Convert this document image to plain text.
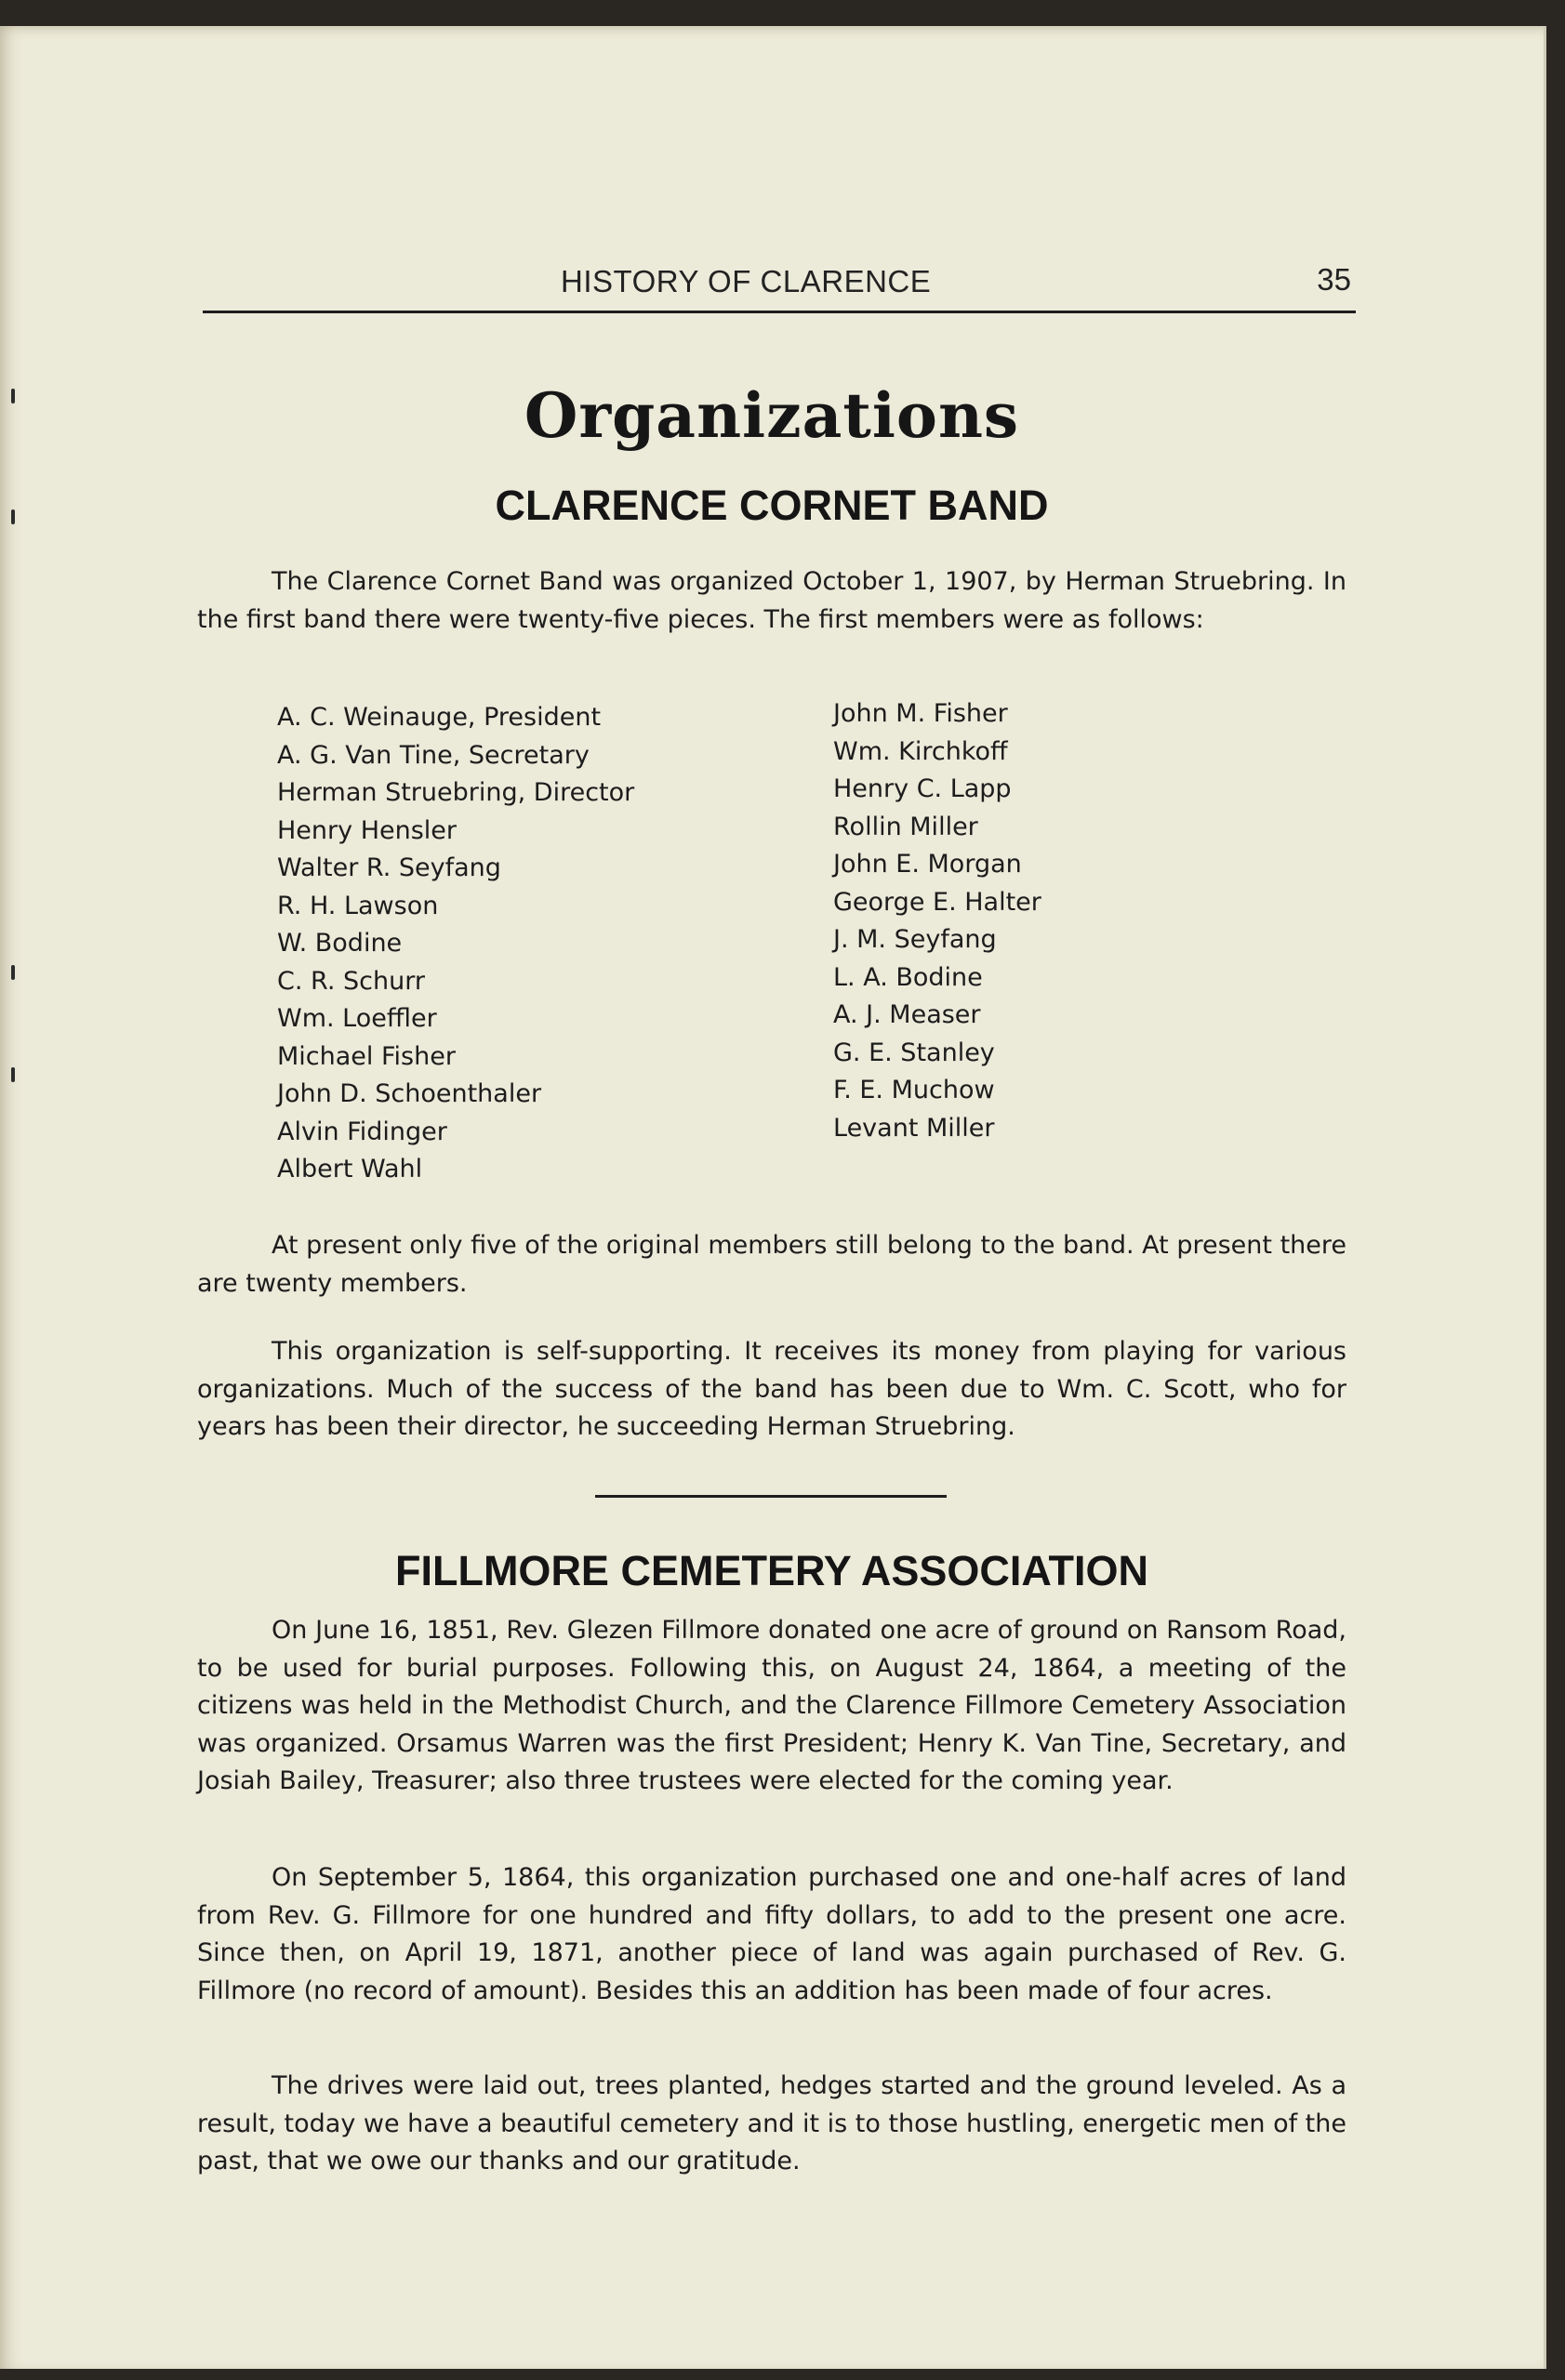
HISTORY OF CLARENCE	35
Organizations
CLARENCE CORNET BAND

The Clarence Cornet Band was organized October 1, 1907, by Herman Struebring. In the first band there were twenty-five pieces. The first members were as follows:

A. C. Weinauge, President
A. G. Van Tine, Secretary
Herman Struebring, Director
Henry Hensler
Walter R. Seyfang
R. H. Lawson
W. Bodine
C. R. Schurr
Wm. Loeffler
Michael Fisher
John D. Schoenthaler
Alvin Fidinger
Albert Wahl
John M. Fisher
Wm. Kirchkoff
Henry C. Lapp
Rollin Miller
John E. Morgan
George E. Halter
J. M. Seyfang
L. A. Bodine
A. J. Measer
G. E. Stanley
F. E. Muchow
Levant Miller

At present only five of the original members still belong to the band. At present there are twenty members.

This organization is self-supporting. It receives its money from playing for various organizations. Much of the success of the band has been due to Wm. C. Scott, who for years has been their director, he succeeding Herman Struebring.

FILLMORE CEMETERY ASSOCIATION

On June 16, 1851, Rev. Glezen Fillmore donated one acre of ground on Ransom Road, to be used for burial purposes. Following this, on August 24, 1864, a meeting of the citizens was held in the Methodist Church, and the Clarence Fillmore Cemetery Association was organized. Orsamus Warren was the first President; Henry K. Van Tine, Secretary, and Josiah Bailey, Treasurer; also three trustees were elected for the coming year.

On September 5, 1864, this organization purchased one and one-half acres of land from Rev. G. Fillmore for one hundred and fifty dollars, to add to the present one acre. Since then, on April 19, 1871, another piece of land was again purchased of Rev. G. Fillmore (no record of amount). Besides this an addition has been made of four acres.

The drives were laid out, trees planted, hedges started and the ground leveled. As a result, today we have a beautiful cemetery and it is to those hustling, energetic men of the past, that we owe our thanks and our gratitude.
